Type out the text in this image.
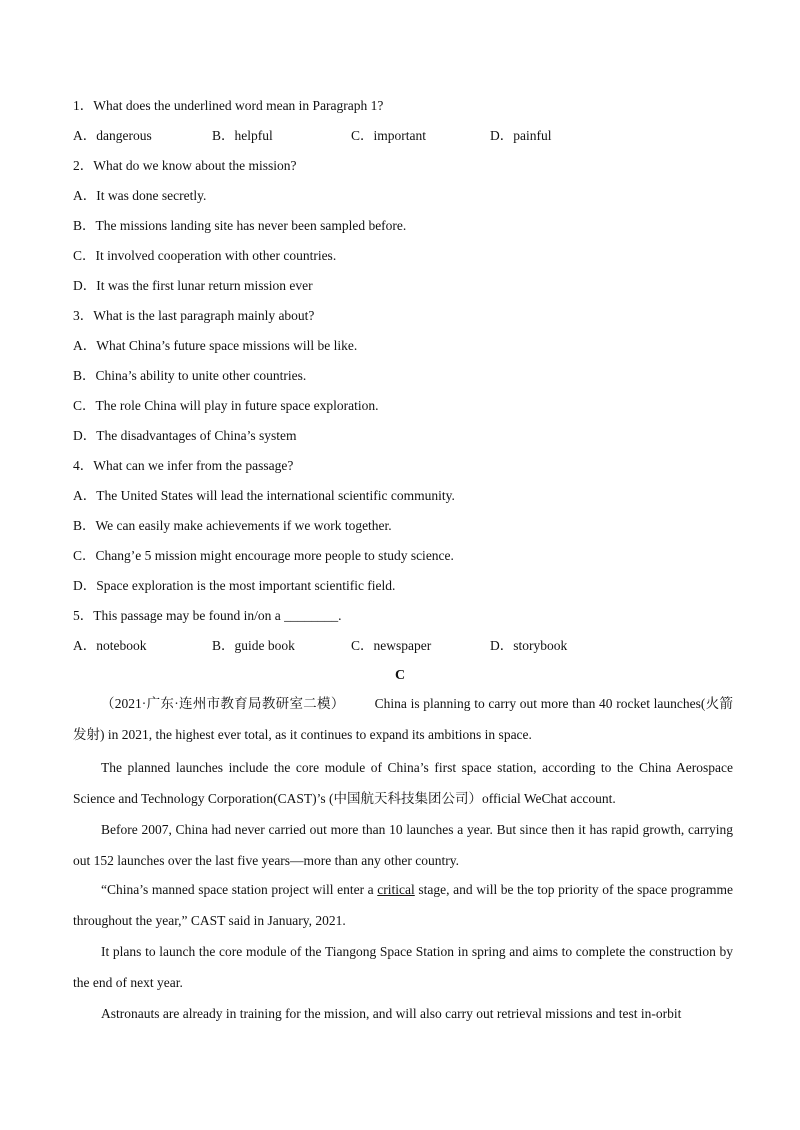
1．What does the underlined word mean in Paragraph 1?
A．dangerous	B．helpful	C．important	D．painful
2．What do we know about the mission?
A．It was done secretly.
B．The missions landing site has never been sampled before.
C．It involved cooperation with other countries.
D．It was the first lunar return mission ever
3．What is the last paragraph mainly about?
A．What China’s future space missions will be like.
B．China’s ability to unite other countries.
C．The role China will play in future space exploration.
D．The disadvantages of China’s system
4．What can we infer from the passage?
A．The United States will lead the international scientific community.
B．We can easily make achievements if we work together.
C．Chang’e 5 mission might encourage more people to study science.
D．Space exploration is the most important scientific field.
5．This passage may be found in/on a ________.
A．notebook	B．guide book	C．newspaper	D．storybook
C
（2021·广东·连州市教育局教研室二模） China is planning to carry out more than 40 rocket launches(火箭发射) in 2021, the highest ever total, as it continues to expand its ambitions in space.
The planned launches include the core module of China’s first space station, according to the China Aerospace Science and Technology Corporation(CAST)’s (中国航天科技集团公司）official WeChat account.
Before 2007, China had never carried out more than 10 launches a year. But since then it has rapid growth, carrying out 152 launches over the last five years—more than any other country.
“China’s manned space station project will enter a critical stage, and will be the top priority of the space programme throughout the year,” CAST said in January, 2021.
It plans to launch the core module of the Tiangong Space Station in spring and aims to complete the construction by the end of next year.
Astronauts are already in training for the mission, and will also carry out retrieval missions and test in-orbit
